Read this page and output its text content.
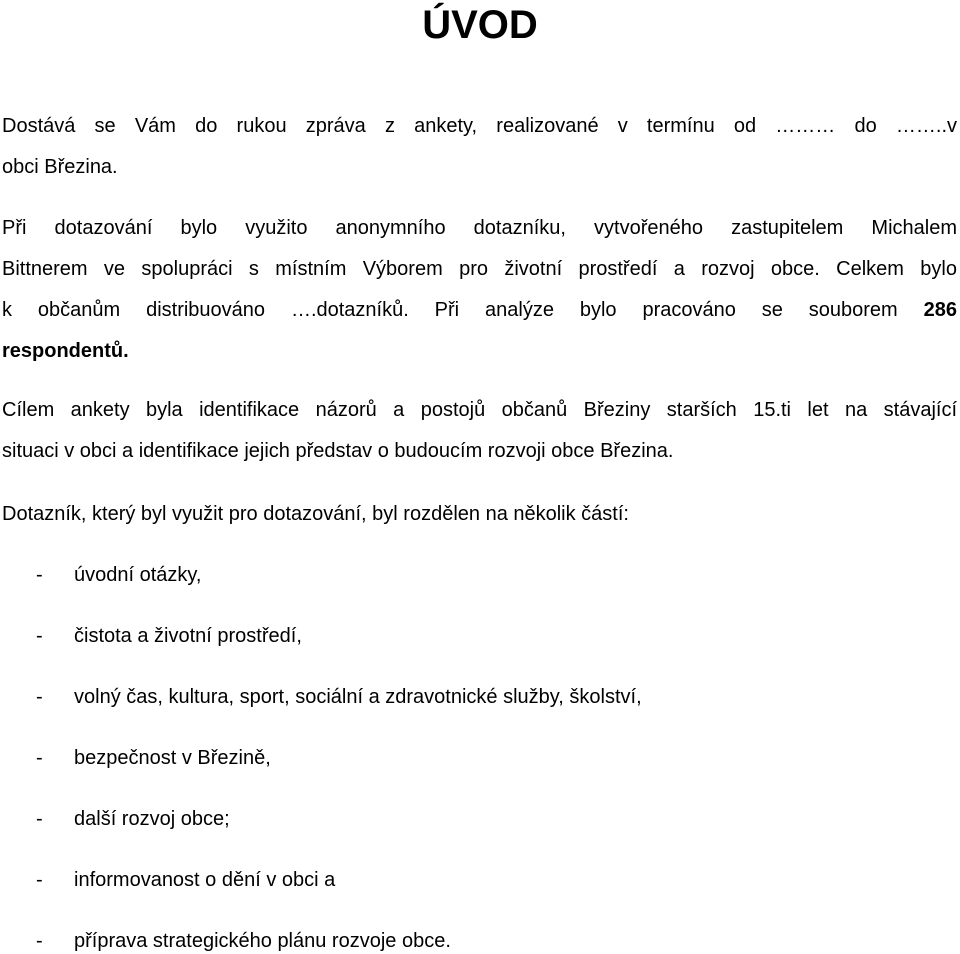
ÚVOD
Dostává se Vám do rukou zpráva z ankety, realizované v termínu od ……… do ……..v
obci Březina.
Při dotazování bylo využito anonymního dotazníku, vytvořeného zastupitelem Michalem
Bittnerem ve spolupráci s místním Výborem pro životní prostředí a rozvoj obce. Celkem bylo
k občanům distribuováno ….dotazníků. Při analýze bylo pracováno se souborem 286
respondentů.
Cílem ankety byla identifikace názorů a postojů občanů Březiny starších 15.ti let na stávající
situaci v obci a identifikace jejich představ o budoucím rozvoji obce Březina.
Dotazník, který byl využit pro dotazování, byl rozdělen na několik částí:
- úvodní otázky,
- čistota a životní prostředí,
- volný čas, kultura, sport, sociální a zdravotnické služby, školství,
- bezpečnost v Březině,
- další rozvoj obce;
- informovanost o dění v obci a
- příprava strategického plánu rozvoje obce.
